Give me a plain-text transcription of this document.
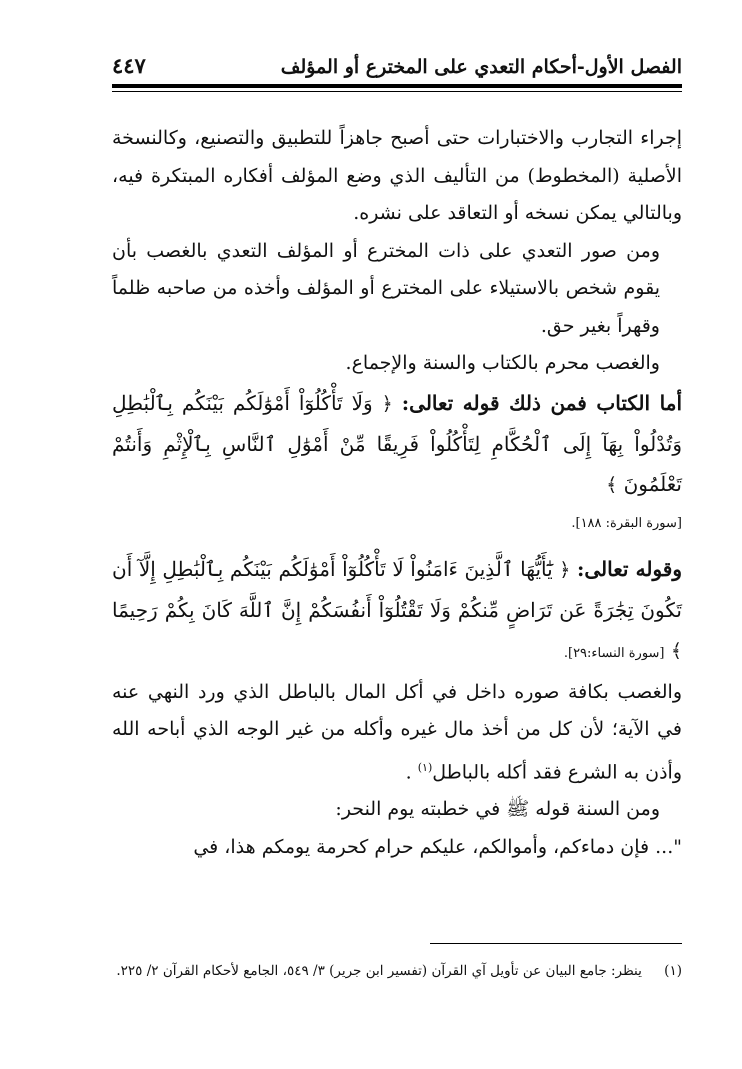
الفصل الأول-أحكام التعدي على المخترع أو المؤلف
٤٤٧

إجراء التجارب والاختبارات حتى أصبح جاهزاً للتطبيق والتصنيع، وكالنسخة الأصلية (المخطوط) من التأليف الذي وضع المؤلف أفكاره المبتكرة فيه، وبالتالي يمكن نسخه أو التعاقد على نشره.

ومن صور التعدي على ذات المخترع أو المؤلف التعدي بالغصب بأن يقوم شخص بالاستيلاء على المخترع أو المؤلف وأخذه من صاحبه ظلماً وقهراً بغير حق.

والغصب محرم بالكتاب والسنة والإجماع.

أما الكتاب فمن ذلك قوله تعالى: ﴿ وَلَا تَأْكُلُوٓاْ أَمْوَٰلَكُم بَيْنَكُم بِٱلْبَٰطِلِ وَتُدْلُواْ بِهَآ إِلَى ٱلْحُكَّامِ لِتَأْكُلُواْ فَرِيقًا مِّنْ أَمْوَٰلِ ٱلنَّاسِ بِٱلْإِثْمِ وَأَنتُمْ تَعْلَمُونَ ﴾

[سورة البقرة: ١٨٨].

وقوله تعالى: ﴿ يَٰٓأَيُّهَا ٱلَّذِينَ ءَامَنُواْ لَا تَأْكُلُوٓاْ أَمْوَٰلَكُم بَيْنَكُم بِٱلْبَٰطِلِ إِلَّآ أَن تَكُونَ تِجَٰرَةً عَن تَرَاضٍ مِّنكُمْ وَلَا تَقْتُلُوٓاْ أَنفُسَكُمْ إِنَّ ٱللَّهَ كَانَ بِكُمْ رَحِيمًا ﴾ [سورة النساء:٢٩].

والغصب بكافة صوره داخل في أكل المال بالباطل الذي ورد النهي عنه في الآية؛ لأن كل من أخذ مال غيره وأكله من غير الوجه الذي أباحه الله وأذن به الشرع فقد أكله بالباطل$^{(١)}$ .

ومن السنة قوله ﷺ في خطبته يوم النحر:

"... فإن دماءكم، وأموالكم، عليكم حرام كحرمة يومكم هذا، في

(١) ينظر: جامع البيان عن تأويل آي القرآن (تفسير ابن جرير) ٣/ ٥٤٩، الجامع لأحكام القرآن ٢/ ٢٢٥.
